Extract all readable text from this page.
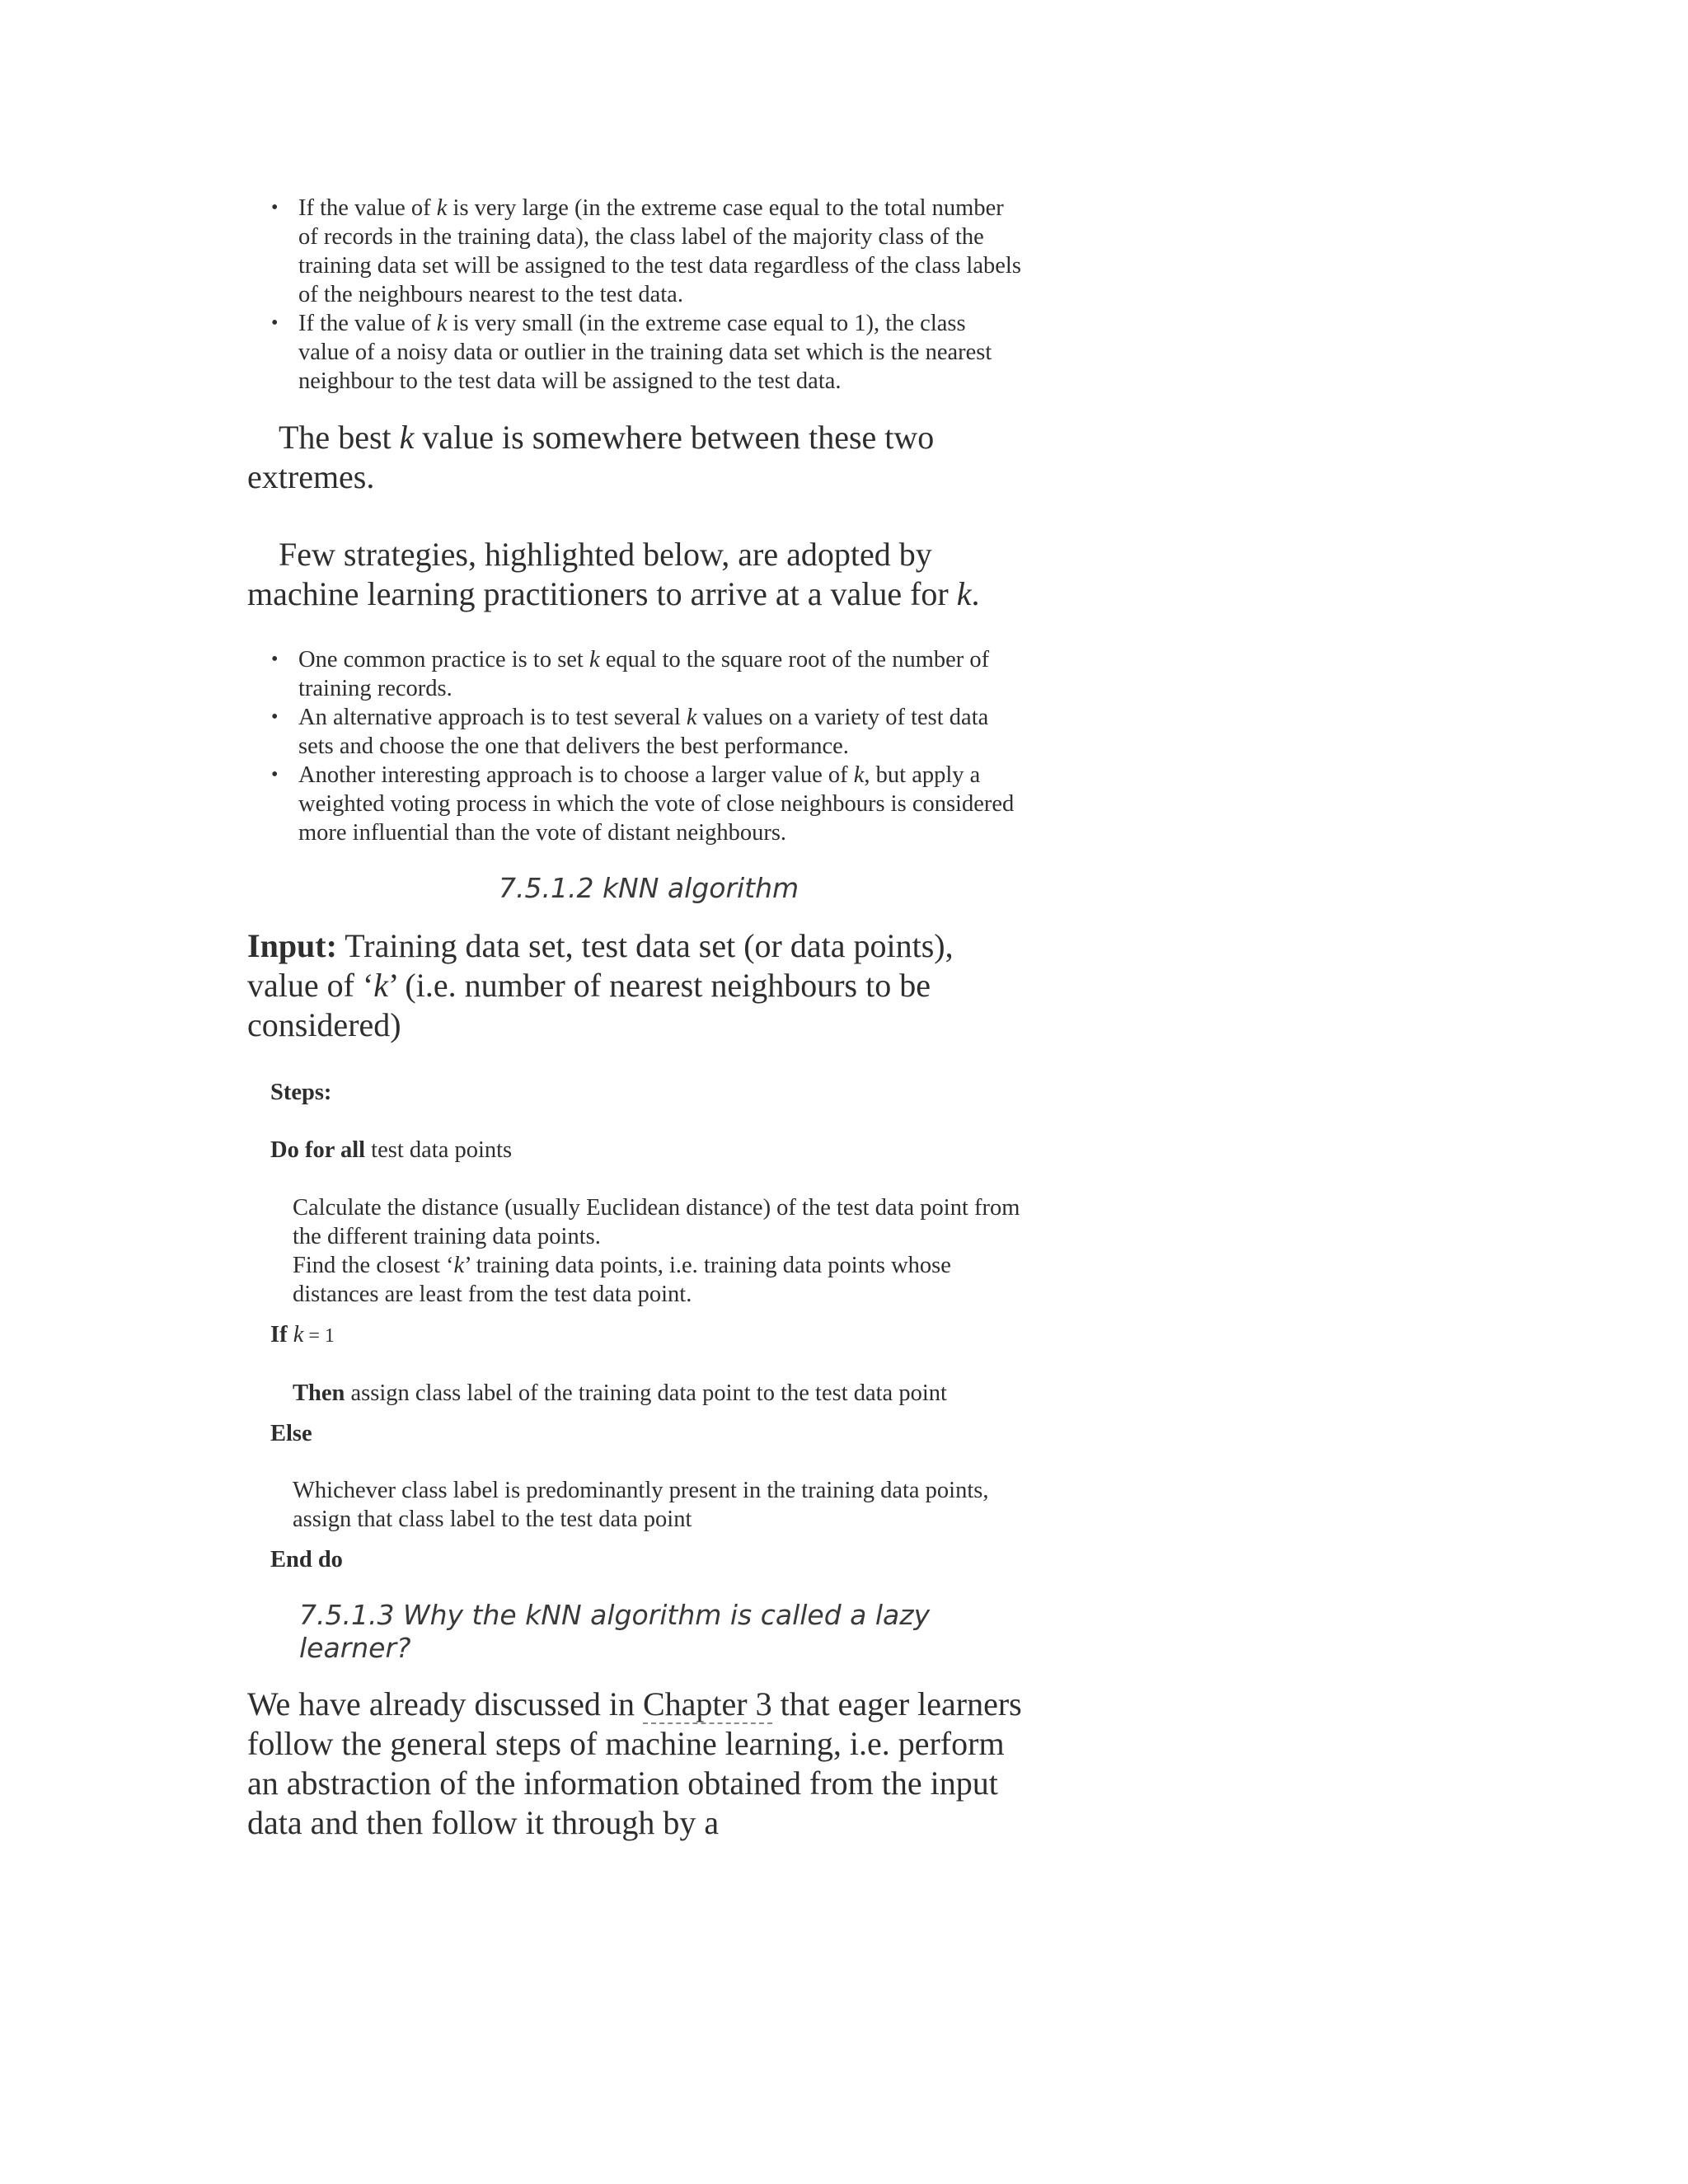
• If the value of k is very large (in the extreme case equal to the total number of records in the training data), the class label of the majority class of the training data set will be assigned to the test data regardless of the class labels of the neighbours nearest to the test data.
• If the value of k is very small (in the extreme case equal to 1), the class value of a noisy data or outlier in the training data set which is the nearest neighbour to the test data will be assigned to the test data.

The best k value is somewhere between these two extremes.

Few strategies, highlighted below, are adopted by machine learning practitioners to arrive at a value for k.

• One common practice is to set k equal to the square root of the number of training records.
• An alternative approach is to test several k values on a variety of test data sets and choose the one that delivers the best performance.
• Another interesting approach is to choose a larger value of k, but apply a weighted voting process in which the vote of close neighbours is considered more influential than the vote of distant neighbours.

7.5.1.2 kNN algorithm

Input: Training data set, test data set (or data points), value of ‘k’ (i.e. number of nearest neighbours to be considered)

Steps:

Do for all test data points

Calculate the distance (usually Euclidean distance) of the test data point from the different training data points.

Find the closest ‘k’ training data points, i.e. training data points whose distances are least from the test data point.

If k = 1

Then assign class label of the training data point to the test data point

Else

Whichever class label is predominantly present in the training data points, assign that class label to the test data point

End do

7.5.1.3 Why the kNN algorithm is called a lazy learner?

We have already discussed in Chapter 3 that eager learners follow the general steps of machine learning, i.e. perform an abstraction of the information obtained from the input data and then follow it through by a
